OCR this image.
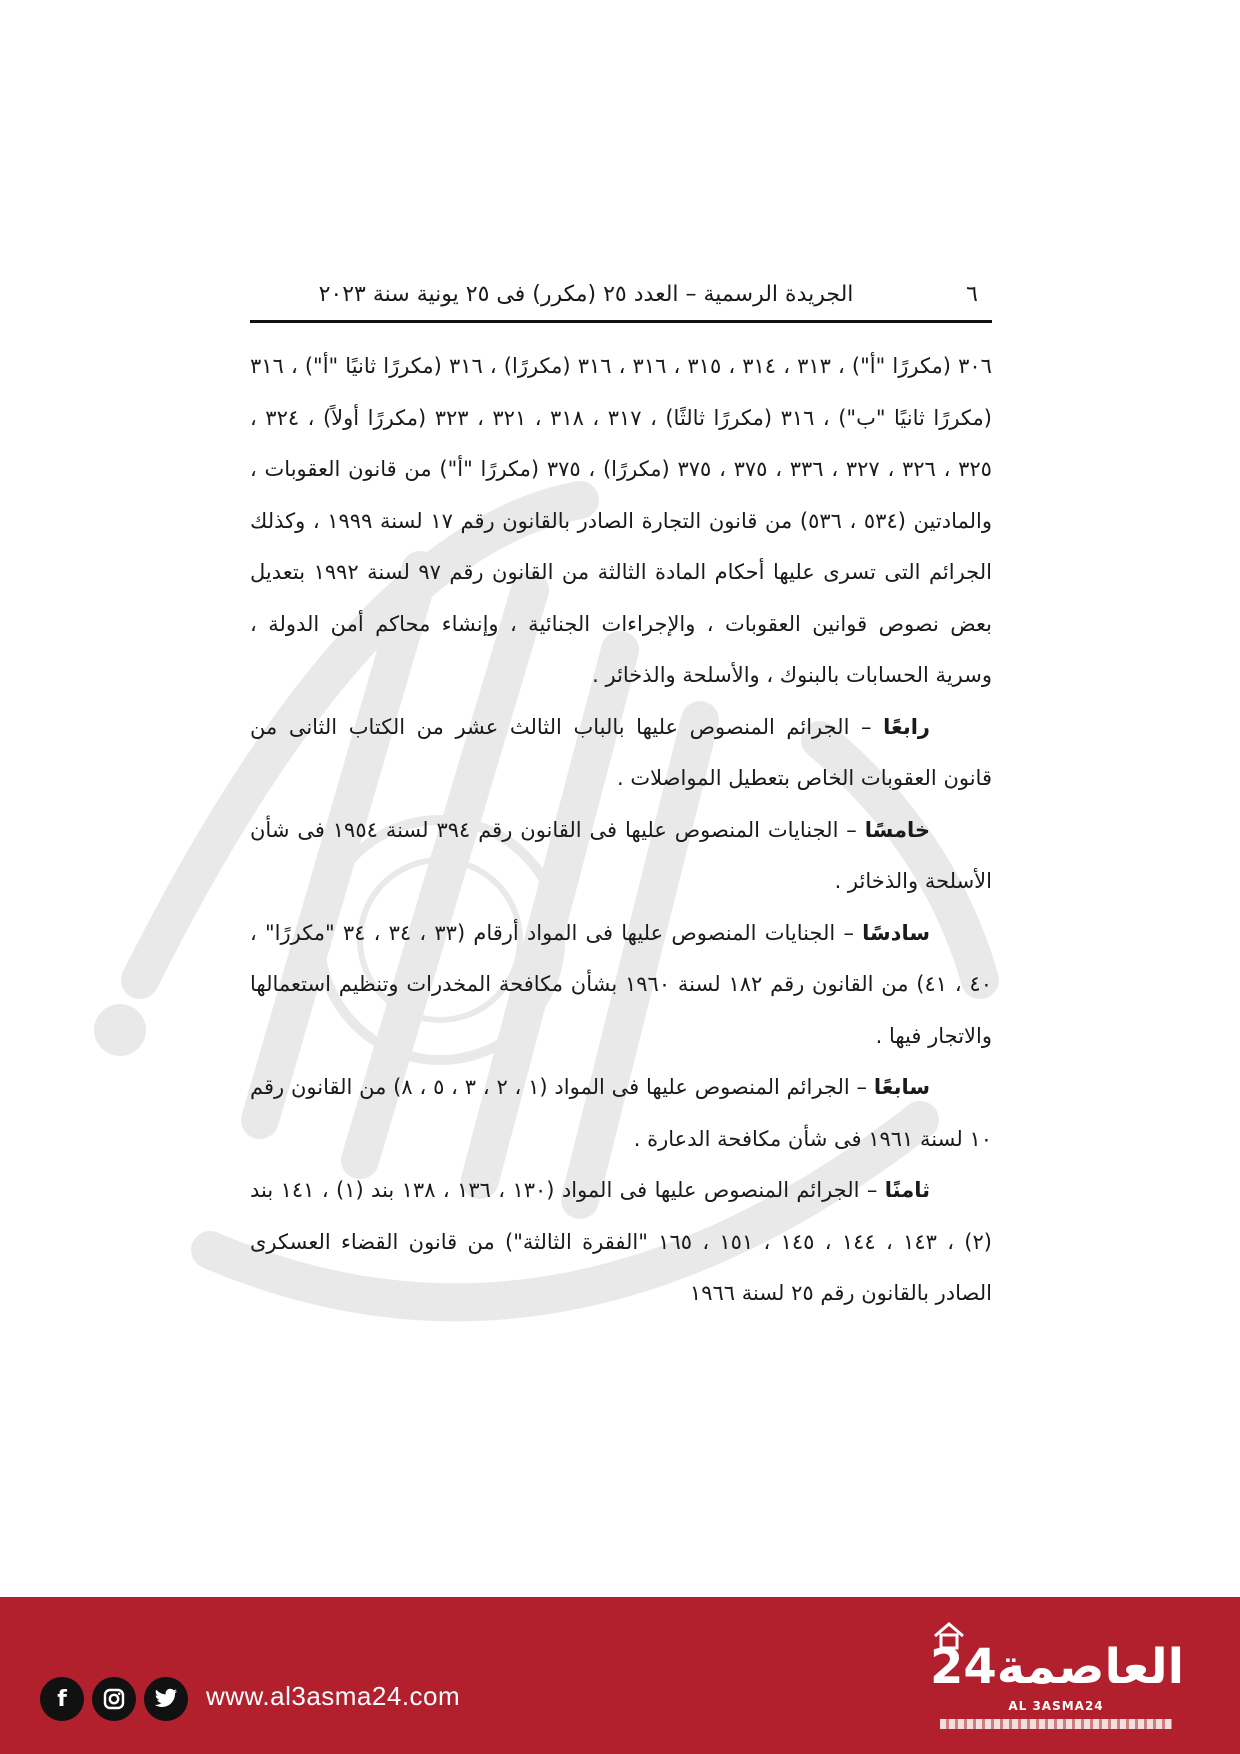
٦
الجريدة الرسمية – العدد ٢٥ (مكرر) فى ٢٥ يونية سنة ٢٠٢٣

٣٠٦ (مكررًا "أ") ، ٣١٣ ، ٣١٤ ، ٣١٥ ، ٣١٦ ، ٣١٦ (مكررًا) ، ٣١٦ (مكررًا ثانيًا "أ") ، ٣١٦ (مكررًا ثانيًا "ب") ، ٣١٦ (مكررًا ثالثًا) ، ٣١٧ ، ٣١٨ ، ٣٢١ ، ٣٢٣ (مكررًا أولاً) ، ٣٢٤ ، ٣٢٥ ، ٣٢٦ ، ٣٢٧ ، ٣٣٦ ، ٣٧٥ ، ٣٧٥ (مكررًا) ، ٣٧٥ (مكررًا "أ") من قانون العقوبات ، والمادتين (٥٣٤ ، ٥٣٦) من قانون التجارة الصادر بالقانون رقم ١٧ لسنة ١٩٩٩ ، وكذلك الجرائم التى تسرى عليها أحكام المادة الثالثة من القانون رقم ٩٧ لسنة ١٩٩٢ بتعديل بعض نصوص قوانين العقوبات ، والإجراءات الجنائية ، وإنشاء محاكم أمن الدولة ، وسرية الحسابات بالبنوك ، والأسلحة والذخائر .

رابعًا – الجرائم المنصوص عليها بالباب الثالث عشر من الكتاب الثانى من قانون العقوبات الخاص بتعطيل المواصلات .

خامسًا – الجنايات المنصوص عليها فى القانون رقم ٣٩٤ لسنة ١٩٥٤ فى شأن الأسلحة والذخائر .

سادسًا – الجنايات المنصوص عليها فى المواد أرقام (٣٣ ، ٣٤ ، ٣٤ "مكررًا" ، ٤٠ ، ٤١) من القانون رقم ١٨٢ لسنة ١٩٦٠ بشأن مكافحة المخدرات وتنظيم استعمالها والاتجار فيها .

سابعًا – الجرائم المنصوص عليها فى المواد (١ ، ٢ ، ٣ ، ٥ ، ٨) من القانون رقم ١٠ لسنة ١٩٦١ فى شأن مكافحة الدعارة .

ثامنًا – الجرائم المنصوص عليها فى المواد (١٣٠ ، ١٣٦ ، ١٣٨ بند (١) ، ١٤١ بند (٢) ، ١٤٣ ، ١٤٤ ، ١٤٥ ، ١٥١ ، ١٦٥ "الفقرة الثالثة") من قانون القضاء العسكرى الصادر بالقانون رقم ٢٥ لسنة ١٩٦٦

f	www.al3asma24.com
العاصمة24
AL 3ASMA24
